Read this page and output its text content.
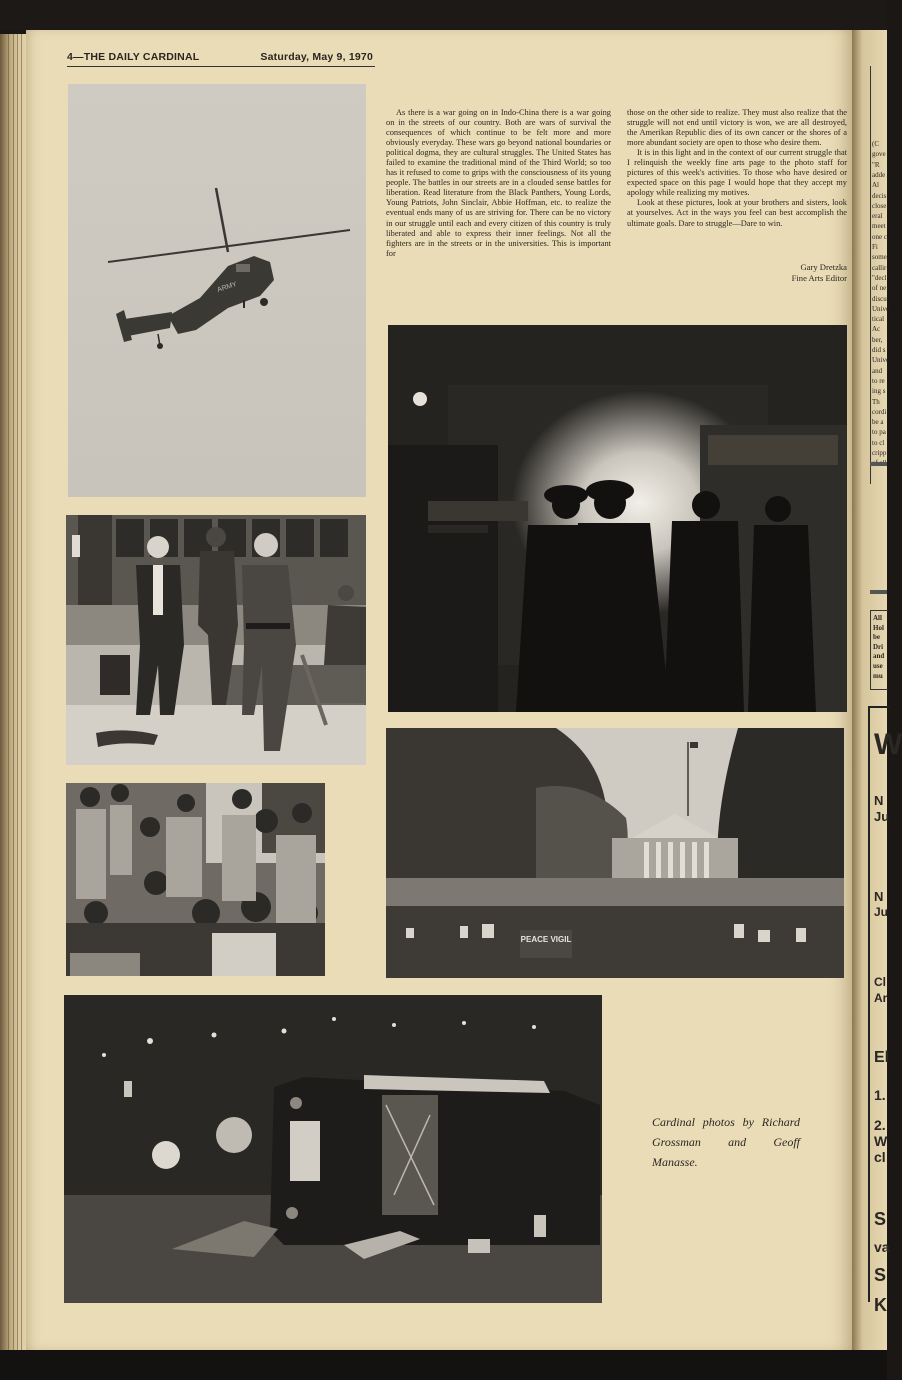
4—THE DAILY CARDINAL	Saturday, May 9, 1970
ARMY

As there is a war going on in Indo-China there is a war going on in the streets of our country. Both are wars of survival the consequences of which continue to be felt more and more obviously everyday. These wars go beyond national boundaries or political dogma, they are cultural struggles. The United States has failed to examine the traditional mind of the Third World; so too has it refused to come to grips with the consciousness of its young people. The battles in our streets are in a clouded sense battles for liberation. Read literature from the Black Panthers, Young Lords, Young Patriots, John Sinclair, Abbie Hoffman, etc. to realize the eventual ends many of us are striving for. There can be no victory in our struggle until each and every citizen of this country is truly liberated and able to express their inner feelings. Not all the fighters are in the streets or in the universities. This is important for

those on the other side to realize. They must also realize that the struggle will not end until victory is won, we are all destroyed, the Amerikan Republic dies of its own cancer or the shores of a more abundant society are open to those who desire them.

It is in this light and in the context of our current struggle that I relinquish the weekly fine arts page to the photo staff for pictures of this week's activities. To those who have desired or expected space on this page I would hope that they accept my apology while realizing my motives.

Look at these pictures, look at your brothers and sisters, look at yourselves. Act in the ways you feel can best accomplish the ultimate goals. Dare to struggle—Dare to win.

Gary Dretzka
Fine Arts Editor
PEACE VIGIL
Cardinal photos by Richard Grossman and Geoff Manasse.
(C
gove
"R
adde
Al
decis
close
eral
meet
one c
Fi
some
callir
"decl
of ne
discu
Unive
tical
Ac
ber,
did s
Unive
and
to re
ing s
Th
cordi
be a
to pa
to cl
cripp
All
Hol
be
Dri
and
use
mu
W
N
Ju
N
Ju
Cl
Ar
El
1.
2.
W
cl
S
va
S
K
